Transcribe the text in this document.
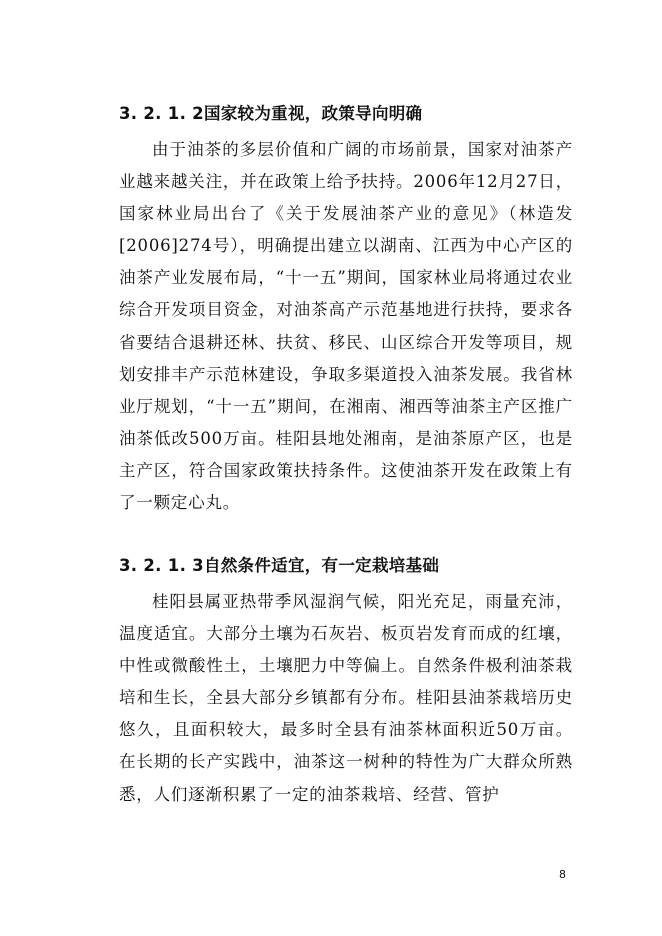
3. 2. 1. 2国家较为重视，政策导向明确
由于油茶的多层价值和广阔的市场前景，国家对油茶产业越来越关注，并在政策上给予扶持。2006年12月27日，国家林业局出台了《关于发展油茶产业的意见》（林造发[2006]274号），明确提出建立以湖南、江西为中心产区的油茶产业发展布局，“十一五”期间，国家林业局将通过农业综合开发项目资金，对油茶高产示范基地进行扶持，要求各省要结合退耕还林、扶贫、移民、山区综合开发等项目，规划安排丰产示范林建设，争取多渠道投入油茶发展。我省林业厅规划，“十一五”期间，在湘南、湘西等油茶主产区推广油茶低改500万亩。桂阳县地处湘南，是油茶原产区，也是主产区，符合国家政策扶持条件。这使油茶开发在政策上有了一颗定心丸。
3. 2. 1. 3自然条件适宜，有一定栽培基础
桂阳县属亚热带季风湿润气候，阳光充足，雨量充沛，温度适宜。大部分土壤为石灰岩、板页岩发育而成的红壤，中性或微酸性土，土壤肥力中等偏上。自然条件极利油茶栽培和生长，全县大部分乡镇都有分布。桂阳县油茶栽培历史悠久，且面积较大，最多时全县有油茶林面积近50万亩。在长期的长产实践中，油茶这一树种的特性为广大群众所熟悉，人们逐渐积累了一定的油茶栽培、经营、管护
8
